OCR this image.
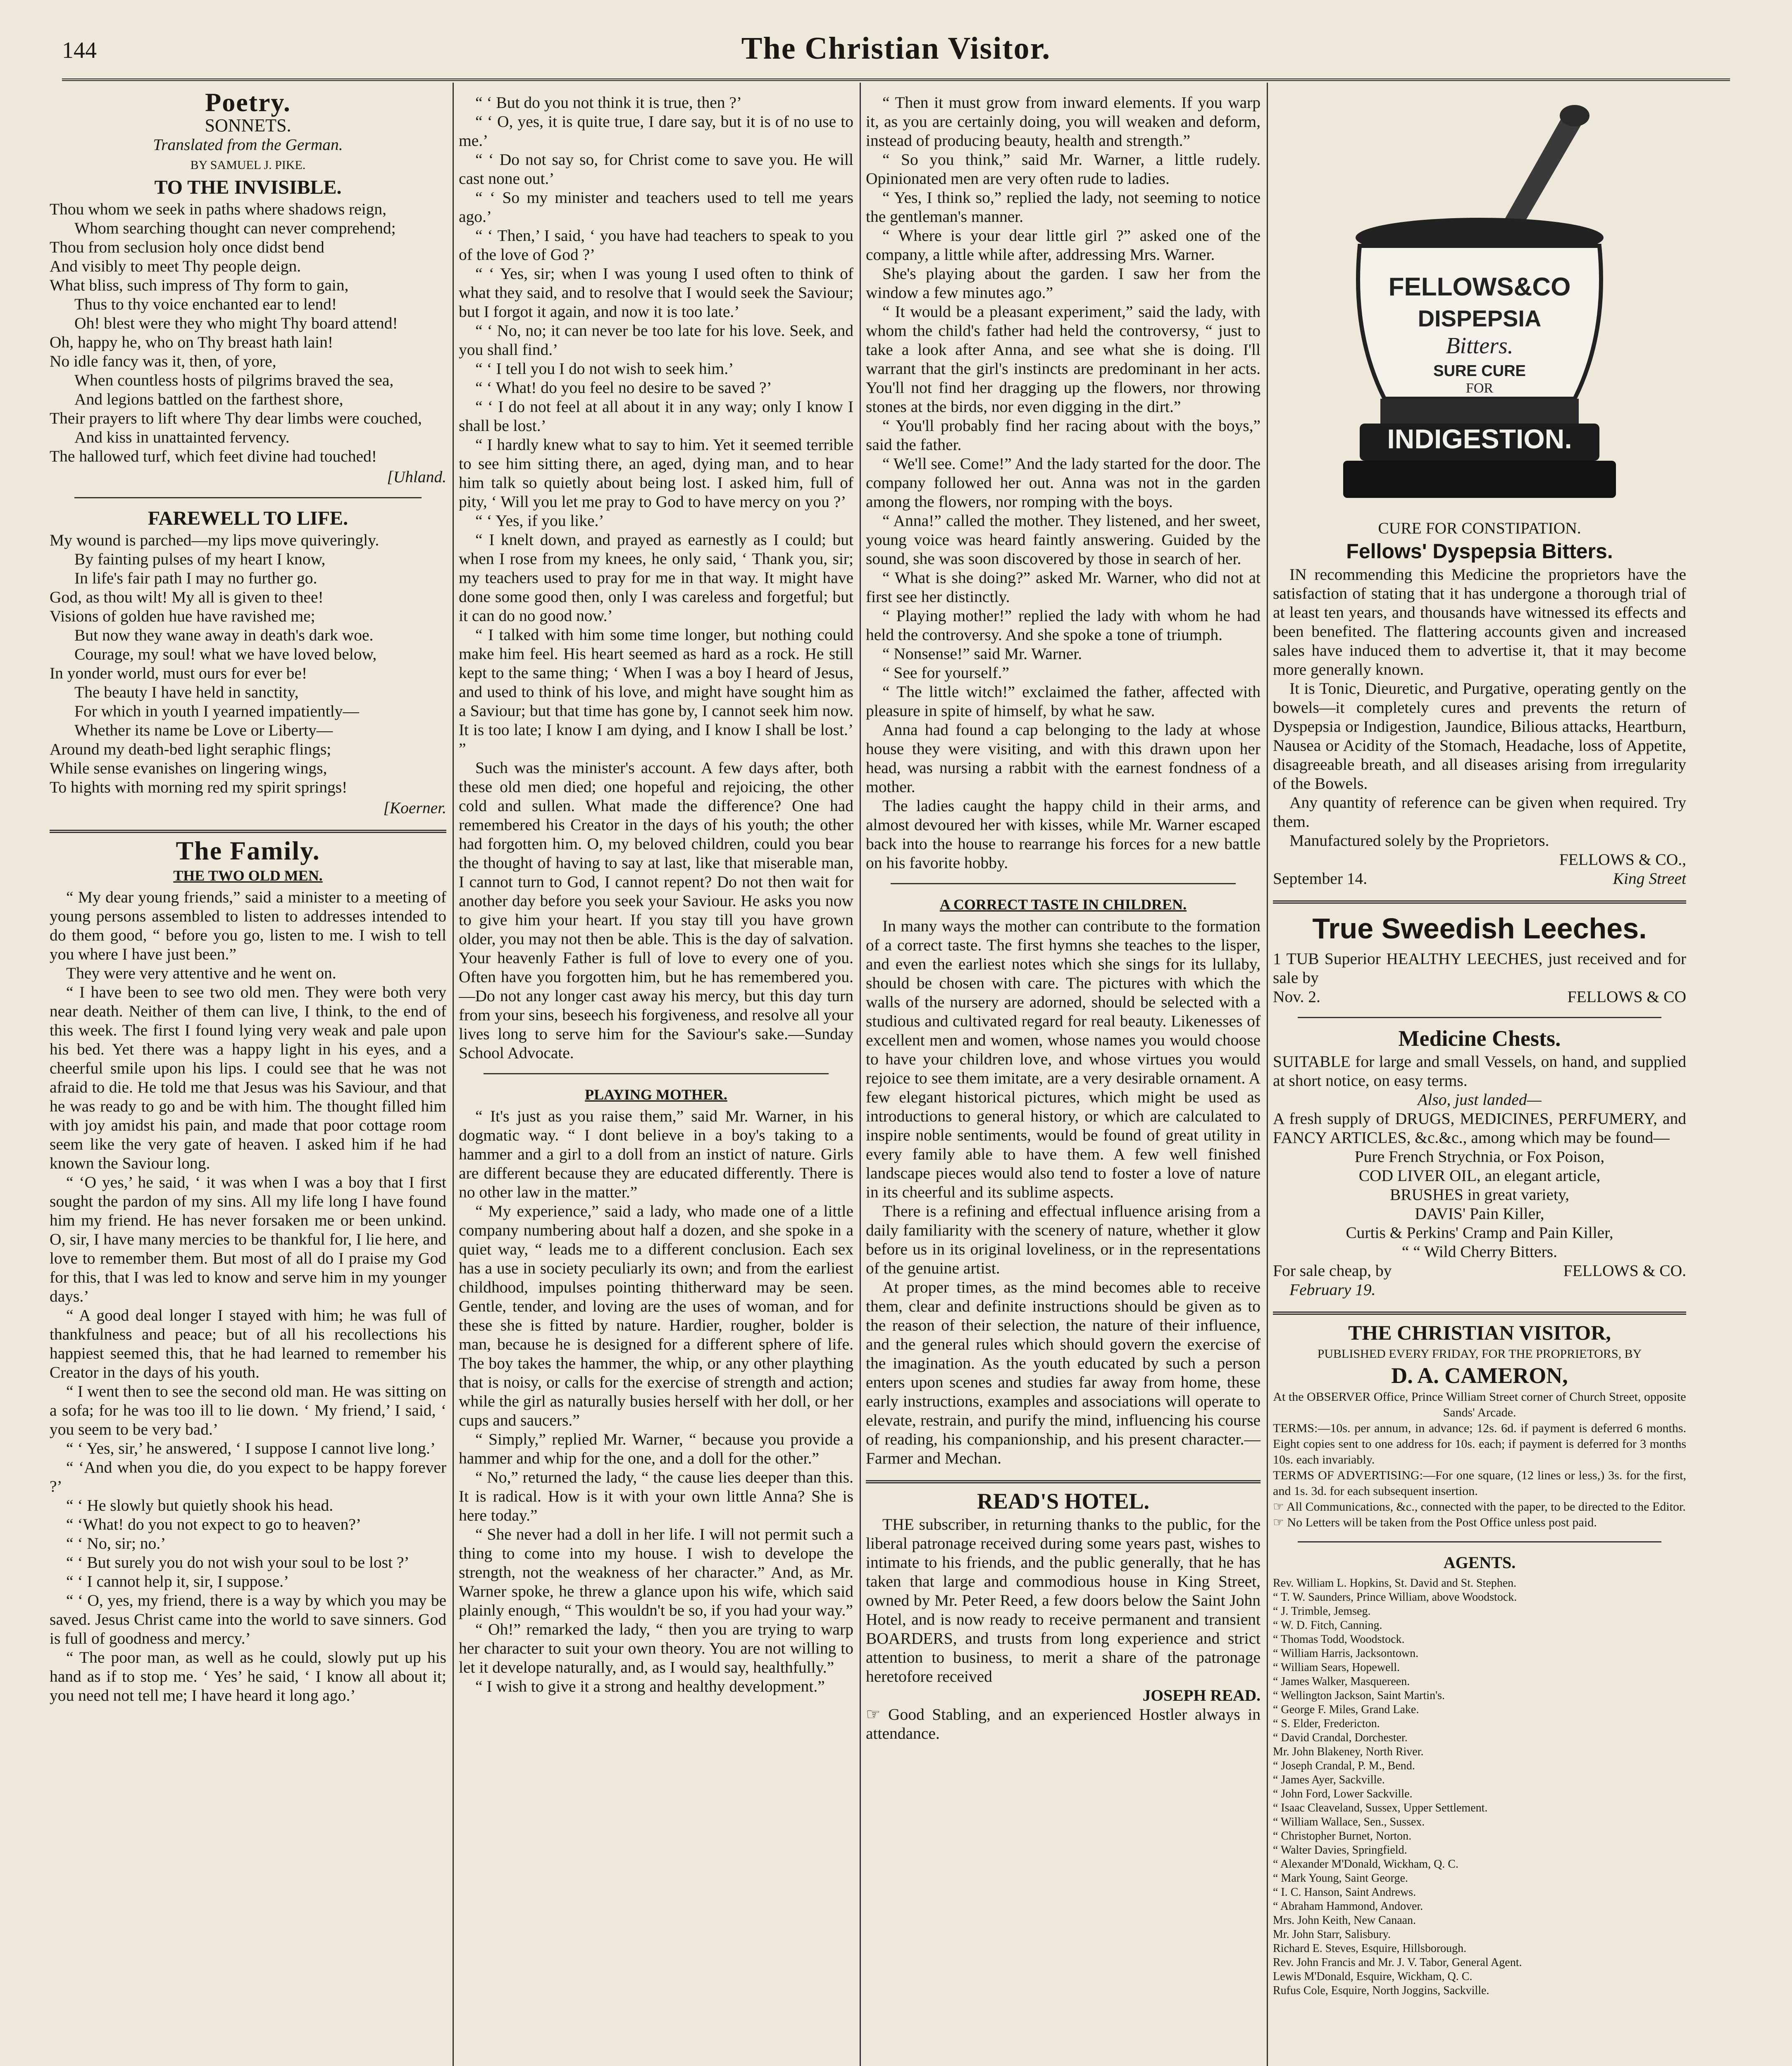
144	The Christian Visitor.
Poetry.
SONNETS.

Translated from the German.

BY SAMUEL J. PIKE.

TO THE INVISIBLE.

Thou whom we seek in paths where shadows reign,

Whom searching thought can never comprehend;

Thou from seclusion holy once didst bend

And visibly to meet Thy people deign.

What bliss, such impress of Thy form to gain,

Thus to thy voice enchanted ear to lend!

Oh! blest were they who might Thy board attend!

Oh, happy he, who on Thy breast hath lain!

No idle fancy was it, then, of yore,

When countless hosts of pilgrims braved the sea,

And legions battled on the farthest shore,

Their prayers to lift where Thy dear limbs were couched,

And kiss in unattainted fervency.

The hallowed turf, which feet divine had touched!

[Uhland.
FAREWELL TO LIFE.

My wound is parched—my lips move quiveringly.

By fainting pulses of my heart I know,

In life's fair path I may no further go.

God, as thou wilt! My all is given to thee!

Visions of golden hue have ravished me;

But now they wane away in death's dark woe.

Courage, my soul! what we have loved below,

In yonder world, must ours for ever be!

The beauty I have held in sanctity,

For which in youth I yearned impatiently—

Whether its name be Love or Liberty—

Around my death-bed light seraphic flings;

While sense evanishes on lingering wings,

To hights with morning red my spirit springs!

[Koerner.
The Family.
THE TWO OLD MEN.

“ My dear young friends,” said a minister to a meeting of young persons assembled to listen to addresses intended to do them good, “ before you go, listen to me. I wish to tell you where I have just been.”

They were very attentive and he went on.

“ I have been to see two old men. They were both very near death. Neither of them can live, I think, to the end of this week. The first I found lying very weak and pale upon his bed. Yet there was a happy light in his eyes, and a cheerful smile upon his lips. I could see that he was not afraid to die. He told me that Jesus was his Saviour, and that he was ready to go and be with him. The thought filled him with joy amidst his pain, and made that poor cottage room seem like the very gate of heaven. I asked him if he had known the Saviour long.

“ ‘O yes,’ he said, ‘ it was when I was a boy that I first sought the pardon of my sins. All my life long I have found him my friend. He has never forsaken me or been unkind. O, sir, I have many mercies to be thankful for, I lie here, and love to remember them. But most of all do I praise my God for this, that I was led to know and serve him in my younger days.’

“ A good deal longer I stayed with him; he was full of thankfulness and peace; but of all his recollections his happiest seemed this, that he had learned to remember his Creator in the days of his youth.

“ I went then to see the second old man. He was sitting on a sofa; for he was too ill to lie down. ‘ My friend,’ I said, ‘ you seem to be very bad.’

“ ‘ Yes, sir,’ he answered, ‘ I suppose I cannot live long.’

“ ‘And when you die, do you expect to be happy forever ?’

“ ‘ He slowly but quietly shook his head.

“ ‘What! do you not expect to go to heaven?’

“ ‘ No, sir; no.’

“ ‘ But surely you do not wish your soul to be lost ?’

“ ‘ I cannot help it, sir, I suppose.’

“ ‘ O, yes, my friend, there is a way by which you may be saved. Jesus Christ came into the world to save sinners. God is full of goodness and mercy.’

“ The poor man, as well as he could, slowly put up his hand as if to stop me. ‘ Yes’ he said, ‘ I know all about it; you need not tell me; I have heard it long ago.’

“ ‘ But do you not think it is true, then ?’

“ ‘ O, yes, it is quite true, I dare say, but it is of no use to me.’

“ ‘ Do not say so, for Christ come to save you. He will cast none out.’

“ ‘ So my minister and teachers used to tell me years ago.’

“ ‘ Then,’ I said, ‘ you have had teachers to speak to you of the love of God ?’

“ ‘ Yes, sir; when I was young I used often to think of what they said, and to resolve that I would seek the Saviour; but I forgot it again, and now it is too late.’

“ ‘ No, no; it can never be too late for his love. Seek, and you shall find.’

“ ‘ I tell you I do not wish to seek him.’

“ ‘ What! do you feel no desire to be saved ?’

“ ‘ I do not feel at all about it in any way; only I know I shall be lost.’

“ I hardly knew what to say to him. Yet it seemed terrible to see him sitting there, an aged, dying man, and to hear him talk so quietly about being lost. I asked him, full of pity, ‘ Will you let me pray to God to have mercy on you ?’

“ ‘ Yes, if you like.’

“ I knelt down, and prayed as earnestly as I could; but when I rose from my knees, he only said, ‘ Thank you, sir; my teachers used to pray for me in that way. It might have done some good then, only I was careless and forgetful; but it can do no good now.’

“ I talked with him some time longer, but nothing could make him feel. His heart seemed as hard as a rock. He still kept to the same thing; ‘ When I was a boy I heard of Jesus, and used to think of his love, and might have sought him as a Saviour; but that time has gone by, I cannot seek him now. It is too late; I know I am dying, and I know I shall be lost.’ ”

Such was the minister's account. A few days after, both these old men died; one hopeful and rejoicing, the other cold and sullen. What made the difference? One had remembered his Creator in the days of his youth; the other had forgotten him. O, my beloved children, could you bear the thought of having to say at last, like that miserable man, I cannot turn to God, I cannot repent? Do not then wait for another day before you seek your Saviour. He asks you now to give him your heart. If you stay till you have grown older, you may not then be able. This is the day of salvation. Your heavenly Father is full of love to every one of you. Often have you forgotten him, but he has remembered you.—Do not any longer cast away his mercy, but this day turn from your sins, beseech his forgiveness, and resolve all your lives long to serve him for the Saviour's sake.—Sunday School Advocate.

PLAYING MOTHER.

“ It's just as you raise them,” said Mr. Warner, in his dogmatic way. “ I dont believe in a boy's taking to a hammer and a girl to a doll from an instict of nature. Girls are different because they are educated differently. There is no other law in the matter.”

“ My experience,” said a lady, who made one of a little company numbering about half a dozen, and she spoke in a quiet way, “ leads me to a different conclusion. Each sex has a use in society peculiarly its own; and from the earliest childhood, impulses pointing thitherward may be seen. Gentle, tender, and loving are the uses of woman, and for these she is fitted by nature. Hardier, rougher, bolder is man, because he is designed for a different sphere of life. The boy takes the hammer, the whip, or any other plaything that is noisy, or calls for the exercise of strength and action; while the girl as naturally busies herself with her doll, or her cups and saucers.”

“ Simply,” replied Mr. Warner, “ because you provide a hammer and whip for the one, and a doll for the other.”

“ No,” returned the lady, “ the cause lies deeper than this. It is radical. How is it with your own little Anna? She is here today.”

“ She never had a doll in her life. I will not permit such a thing to come into my house. I wish to develope the strength, not the weakness of her character.” And, as Mr. Warner spoke, he threw a glance upon his wife, which said plainly enough, “ This wouldn't be so, if you had your way.”

“ Oh!” remarked the lady, “ then you are trying to warp her character to suit your own theory. You are not willing to let it develope naturally, and, as I would say, healthfully.”

“ I wish to give it a strong and healthy development.”

“ Then it must grow from inward elements. If you warp it, as you are certainly doing, you will weaken and deform, instead of producing beauty, health and strength.”

“ So you think,” said Mr. Warner, a little rudely. Opinionated men are very often rude to ladies.

“ Yes, I think so,” replied the lady, not seeming to notice the gentleman's manner.

“ Where is your dear little girl ?” asked one of the company, a little while after, addressing Mrs. Warner.

She's playing about the garden. I saw her from the window a few minutes ago.”

“ It would be a pleasant experiment,” said the lady, with whom the child's father had held the controversy, “ just to take a look after Anna, and see what she is doing. I'll warrant that the girl's instincts are predominant in her acts. You'll not find her dragging up the flowers, nor throwing stones at the birds, nor even digging in the dirt.”

“ You'll probably find her racing about with the boys,” said the father.

“ We'll see. Come!” And the lady started for the door. The company followed her out. Anna was not in the garden among the flowers, nor romping with the boys.

“ Anna!” called the mother. They listened, and her sweet, young voice was heard faintly answering. Guided by the sound, she was soon discovered by those in search of her.

“ What is she doing?” asked Mr. Warner, who did not at first see her distinctly.

“ Playing mother!” replied the lady with whom he had held the controversy. And she spoke a tone of triumph.

“ Nonsense!” said Mr. Warner.

“ See for yourself.”

“ The little witch!” exclaimed the father, affected with pleasure in spite of himself, by what he saw.

Anna had found a cap belonging to the lady at whose house they were visiting, and with this drawn upon her head, was nursing a rabbit with the earnest fondness of a mother.

The ladies caught the happy child in their arms, and almost devoured her with kisses, while Mr. Warner escaped back into the house to rearrange his forces for a new battle on his favorite hobby.

A CORRECT TASTE IN CHILDREN.

In many ways the mother can contribute to the formation of a correct taste. The first hymns she teaches to the lisper, and even the earliest notes which she sings for its lullaby, should be chosen with care. The pictures with which the walls of the nursery are adorned, should be selected with a studious and cultivated regard for real beauty. Likenesses of excellent men and women, whose names you would choose to have your children love, and whose virtues you would rejoice to see them imitate, are a very desirable ornament. A few elegant historical pictures, which might be used as introductions to general history, or which are calculated to inspire noble sentiments, would be found of great utility in every family able to have them. A few well finished landscape pieces would also tend to foster a love of nature in its cheerful and its sublime aspects.

There is a refining and effectual influence arising from a daily familiarity with the scenery of nature, whether it glow before us in its original loveliness, or in the representations of the genuine artist.

At proper times, as the mind becomes able to receive them, clear and definite instructions should be given as to the reason of their selection, the nature of their influence, and the general rules which should govern the exercise of the imagination. As the youth educated by such a person enters upon scenes and studies far away from home, these early instructions, examples and associations will operate to elevate, restrain, and purify the mind, influencing his course of reading, his companionship, and his present character.—Farmer and Mechan.

READ'S HOTEL.

THE subscriber, in returning thanks to the public, for the liberal patronage received during some years past, wishes to intimate to his friends, and the public generally, that he has taken that large and commodious house in King Street, owned by Mr. Peter Reed, a few doors below the Saint John Hotel, and is now ready to receive permanent and transient BOARDERS, and trusts from long experience and strict attention to business, to merit a share of the patronage heretofore received

JOSEPH READ.
☞ Good Stabling, and an experienced Hostler always in attendance.
FELLOWS&CO
DISPEPSIA
Bitters.
SURE CURE
FOR
INDIGESTION.
CURE FOR CONSTIPATION.
Fellows' Dyspepsia Bitters.

IN recommending this Medicine the proprietors have the satisfaction of stating that it has undergone a thorough trial of at least ten years, and thousands have witnessed its effects and been benefited. The flattering accounts given and increased sales have induced them to advertise it, that it may become more generally known.

It is Tonic, Dieuretic, and Purgative, operating gently on the bowels—it completely cures and prevents the return of Dyspepsia or Indigestion, Jaundice, Bilious attacks, Heartburn, Nausea or Acidity of the Stomach, Headache, loss of Appetite, disagreeable breath, and all diseases arising from irregularity of the Bowels.

Any quantity of reference can be given when required. Try them.

Manufactured solely by the Proprietors.

FELLOWS & CO.,
September 14.	King Street
True Sweedish Leeches.
1 TUB Superior HEALTHY LEECHES, just received and for sale by
Nov. 2.	FELLOWS & CO
Medicine Chests.
SUITABLE for large and small Vessels, on hand, and supplied at short notice, on easy terms.
Also, just landed—
A fresh supply of DRUGS, MEDICINES, PERFUMERY, and FANCY ARTICLES, &c.&c., among which may be found—
Pure French Strychnia, or Fox Poison,
COD LIVER OIL, an elegant article,
BRUSHES in great variety,
DAVIS' Pain Killer,
Curtis & Perkins' Cramp and Pain Killer,
“ “ Wild Cherry Bitters.
For sale cheap, by	FELLOWS & CO.
February 19.
THE CHRISTIAN VISITOR,
PUBLISHED EVERY FRIDAY, FOR THE PROPRIETORS, BY
D. A. CAMERON,
At the OBSERVER Office, Prince William Street corner of Church Street, opposite Sands' Arcade.
TERMS:—10s. per annum, in advance; 12s. 6d. if payment is deferred 6 months. Eight copies sent to one address for 10s. each; if payment is deferred for 3 months 10s. each invariably.
TERMS OF ADVERTISING:—For one square, (12 lines or less,) 3s. for the first, and 1s. 3d. for each subsequent insertion.
☞ All Communications, &c., connected with the paper, to be directed to the Editor.
☞ No Letters will be taken from the Post Office unless post paid.
AGENTS.

Rev. William L. Hopkins, St. David and St. Stephen.

“ T. W. Saunders, Prince William, above Woodstock.

“ J. Trimble, Jemseg.

“ W. D. Fitch, Canning.

“ Thomas Todd, Woodstock.

“ William Harris, Jacksontown.

“ William Sears, Hopewell.

“ James Walker, Masquereen.

“ Wellington Jackson, Saint Martin's.

“ George F. Miles, Grand Lake.

“ S. Elder, Fredericton.

“ David Crandal, Dorchester.

Mr. John Blakeney, North River.

“ Joseph Crandal, P. M., Bend.

“ James Ayer, Sackville.

“ John Ford, Lower Sackville.

“ Isaac Cleaveland, Sussex, Upper Settlement.

“ William Wallace, Sen., Sussex.

“ Christopher Burnet, Norton.

“ Walter Davies, Springfield.

“ Alexander M'Donald, Wickham, Q. C.

“ Mark Young, Saint George.

“ I. C. Hanson, Saint Andrews.

“ Abraham Hammond, Andover.

Mrs. John Keith, New Canaan.

Mr. John Starr, Salisbury.

Richard E. Steves, Esquire, Hillsborough.

Rev. John Francis and Mr. J. V. Tabor, General Agent.

Lewis M'Donald, Esquire, Wickham, Q. C.

Rufus Cole, Esquire, North Joggins, Sackville.
